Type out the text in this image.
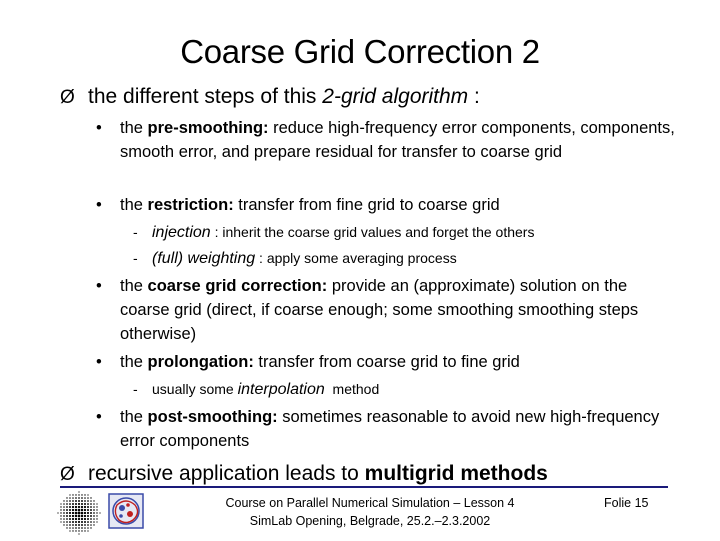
Coarse Grid Correction 2
Ø the different steps of this 2-grid algorithm :
• the pre-smoothing: reduce high-frequency error components, components, smooth error, and prepare residual for transfer to coarse grid
• the restriction: transfer from fine grid to coarse grid
- injection : inherit the coarse grid values and forget the others
- (full) weighting : apply some averaging process
• the coarse grid correction: provide an (approximate) solution on the coarse grid (direct, if coarse enough; some smoothing smoothing steps otherwise)
• the prolongation: transfer from coarse grid to fine grid
- usually some interpolation  method
• the post-smoothing: sometimes reasonable to avoid new high-frequency error components
Ø recursive application leads to multigrid methods
Course on Parallel Numerical Simulation – Lesson 4
SimLab Opening, Belgrade, 25.2.–2.3.2002
Folie 15
